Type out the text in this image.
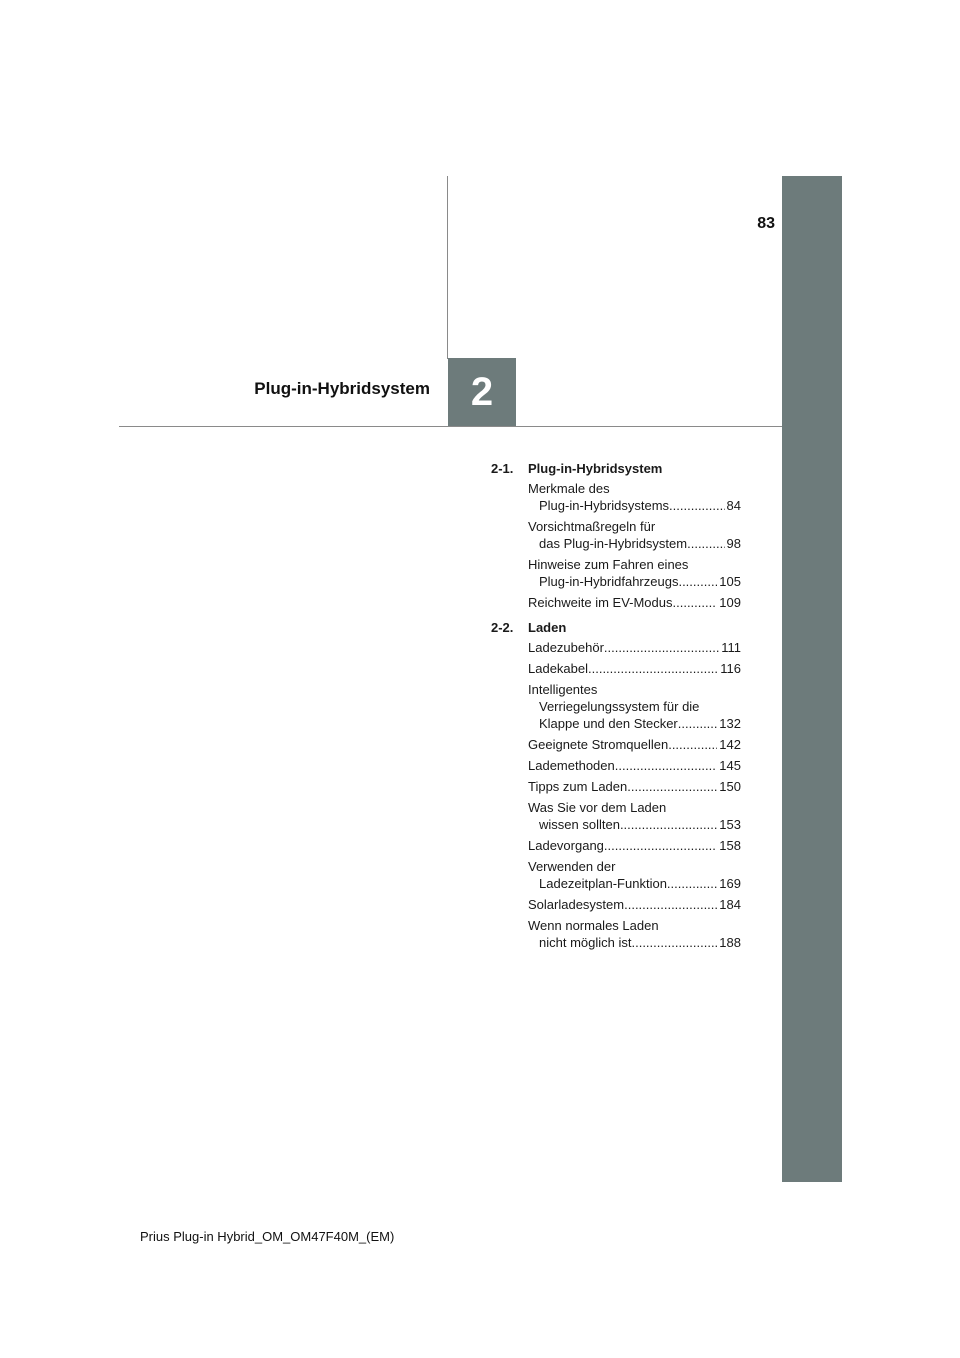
83
2
Plug-in-Hybridsystem
2-1.	Plug-in-Hybridsystem
Merkmale des
Plug-in-Hybridsystems .....	84
Vorsichtmaßregeln für
das Plug-in-Hybridsystem .....	98
Hinweise zum Fahren eines
Plug-in-Hybridfahrzeugs .....	105
Reichweite im EV-Modus .....	109
2-2.	Laden
Ladezubehör .....	111
Ladekabel .....	116
Intelligentes
Verriegelungssystem für die
Klappe und den Stecker .....	132
Geeignete Stromquellen .....	142
Lademethoden .....	145
Tipps zum Laden .....	150
Was Sie vor dem Laden
wissen sollten .....	153
Ladevorgang .....	158
Verwenden der
Ladezeitplan-Funktion .....	169
Solarladesystem .....	184
Wenn normales Laden
nicht möglich ist .....	188
Prius Plug-in Hybrid_OM_OM47F40M_(EM)
